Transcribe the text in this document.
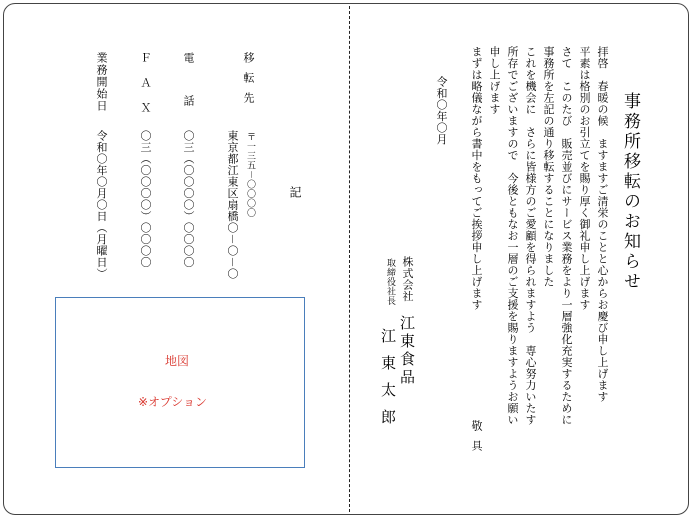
事務所移転のお知らせ
拝啓　春暖の候　ますますご清栄のことと心からお慶び申し上げます
平素は格別のお引立てを賜り厚く御礼申し上げます
さて　このたび　販売並びにサービス業務をより一層強化充実するために
事務所を左記の通り移転することになりました
これを機会に　さらに皆様方のご愛顧を得られますよう　専心努力いたす
所存でございますので　今後ともなお一層のご支援を賜りますようお願い
申し上げます
まずは略儀ながら書中をもってご挨拶申し上げます
敬具
令和〇年〇月
株式会社
江東食品
取締役社長
江東太郎
記
移転先
〒一三五－〇〇〇〇
東京都江東区扇橋〇－〇－〇
電話
〇三（〇〇〇〇）〇〇〇〇
ＦＡＸ
〇三（〇〇〇〇）〇〇〇〇
業務開始日
令和〇年〇月〇日（月曜日）
地図
※オプション
